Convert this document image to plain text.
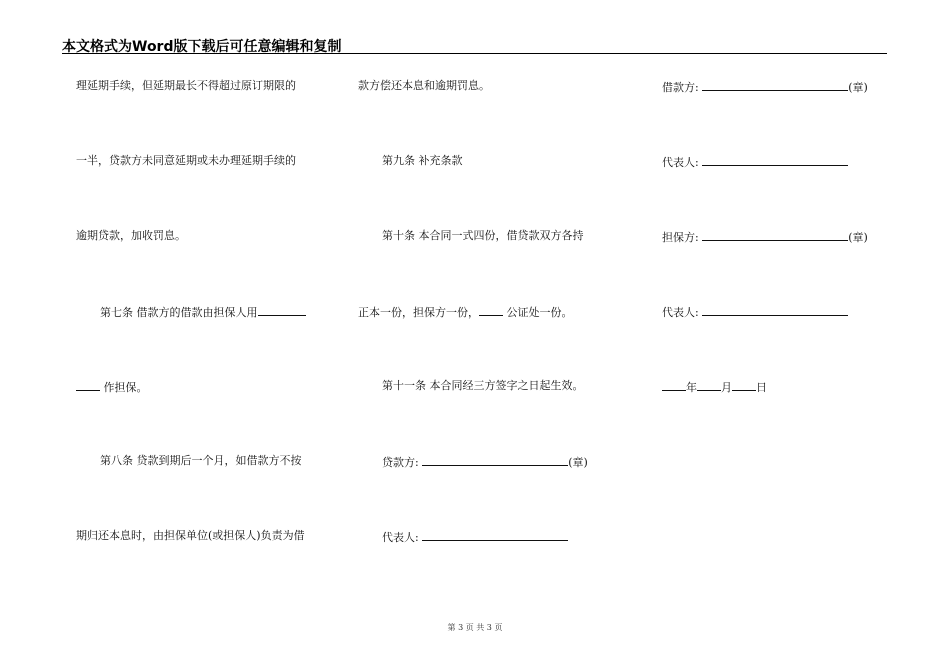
本文格式为Word版下载后可任意编辑和复制
理延期手续，但延期最长不得超过原订期限的
一半，贷款方未同意延期或未办理延期手续的
逾期贷款，加收罚息。
第七条 借款方的借款由担保人用
作担保。
第八条 贷款到期后一个月，如借款方不按
期归还本息时，由担保单位(或担保人)负责为借
款方偿还本息和逾期罚息。
第九条 补充条款
第十条 本合同一式四份，借贷款双方各持
正本一份，担保方一份， 公证处一份。
第十一条 本合同经三方签字之日起生效。
贷款方:	(章)
代表人:
借款方:	(章)
代表人:
担保方:	(章)
代表人:
年 月 日
第 3 页 共 3 页
